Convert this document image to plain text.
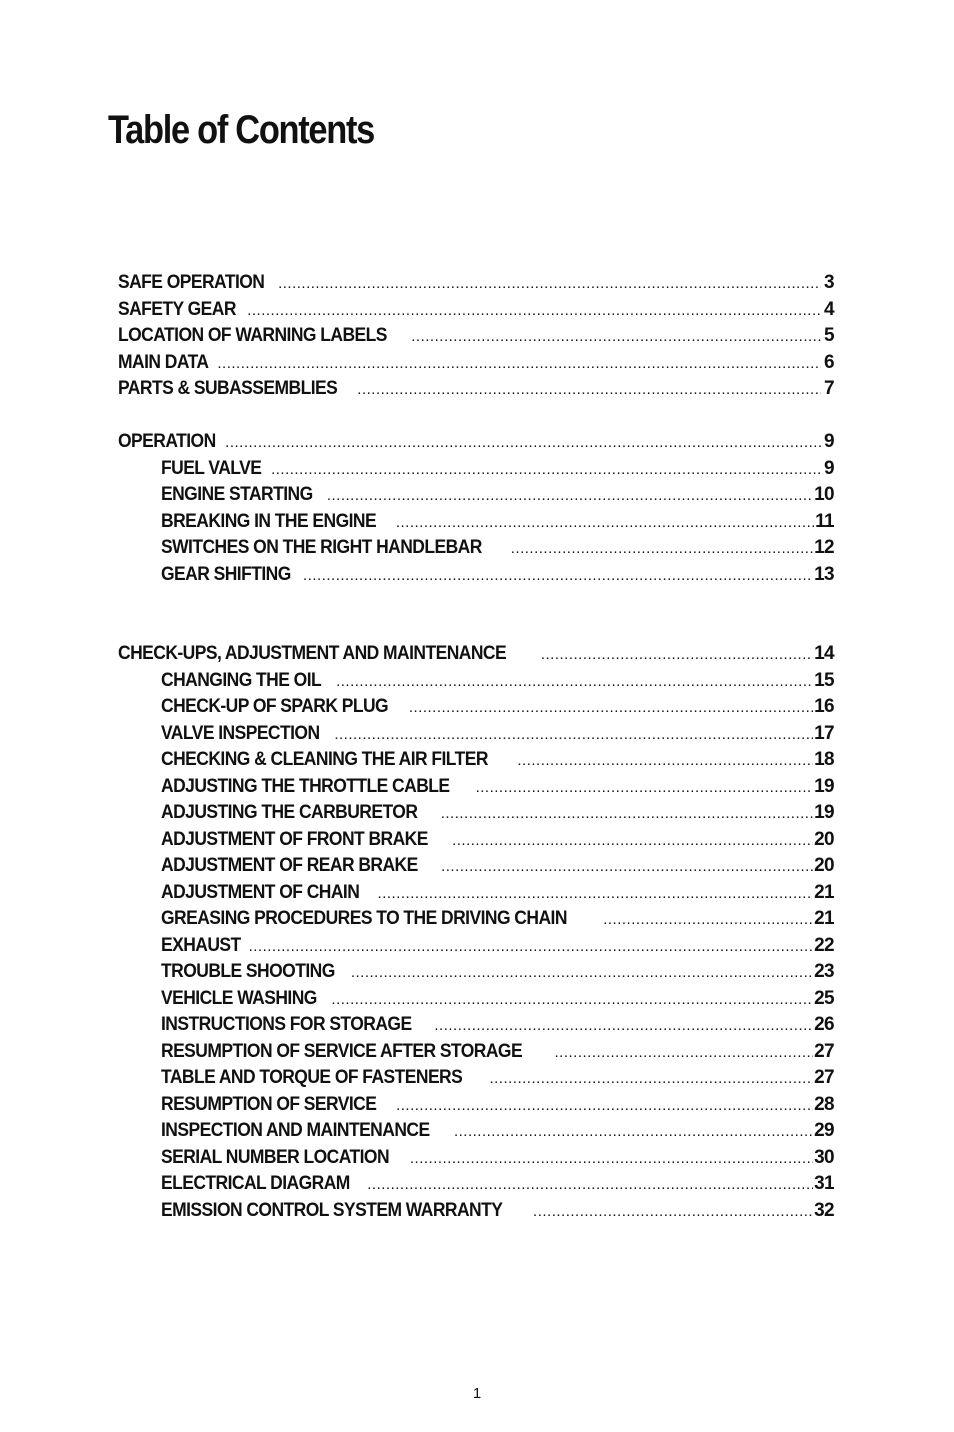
Table of Contents
SAFE OPERATION .....	3
SAFETY GEAR .....	4
LOCATION OF WARNING LABELS .....	5
MAIN DATA .....	6
PARTS & SUBASSEMBLIES .....	7
OPERATION .....	9
FUEL VALVE .....	9
ENGINE STARTING .....	10
BREAKING IN THE ENGINE .....	11
SWITCHES ON THE RIGHT HANDLEBAR .....	12
GEAR SHIFTING .....	13
CHECK-UPS, ADJUSTMENT AND MAINTENANCE .....	14
CHANGING THE OIL .....	15
CHECK-UP OF SPARK PLUG .....	16
VALVE INSPECTION .....	17
CHECKING & CLEANING THE AIR FILTER .....	18
ADJUSTING THE THROTTLE CABLE .....	19
ADJUSTING THE CARBURETOR .....	19
ADJUSTMENT OF FRONT BRAKE .....	20
ADJUSTMENT OF REAR BRAKE .....	20
ADJUSTMENT OF CHAIN .....	21
GREASING PROCEDURES TO THE DRIVING CHAIN .....	21
EXHAUST .....	22
TROUBLE SHOOTING .....	23
VEHICLE WASHING .....	25
INSTRUCTIONS FOR STORAGE .....	26
RESUMPTION OF SERVICE AFTER STORAGE .....	27
TABLE AND TORQUE OF FASTENERS .....	27
RESUMPTION OF SERVICE .....	28
INSPECTION AND MAINTENANCE .....	29
SERIAL NUMBER LOCATION .....	30
ELECTRICAL DIAGRAM .....	31
EMISSION CONTROL SYSTEM WARRANTY .....	32
1
